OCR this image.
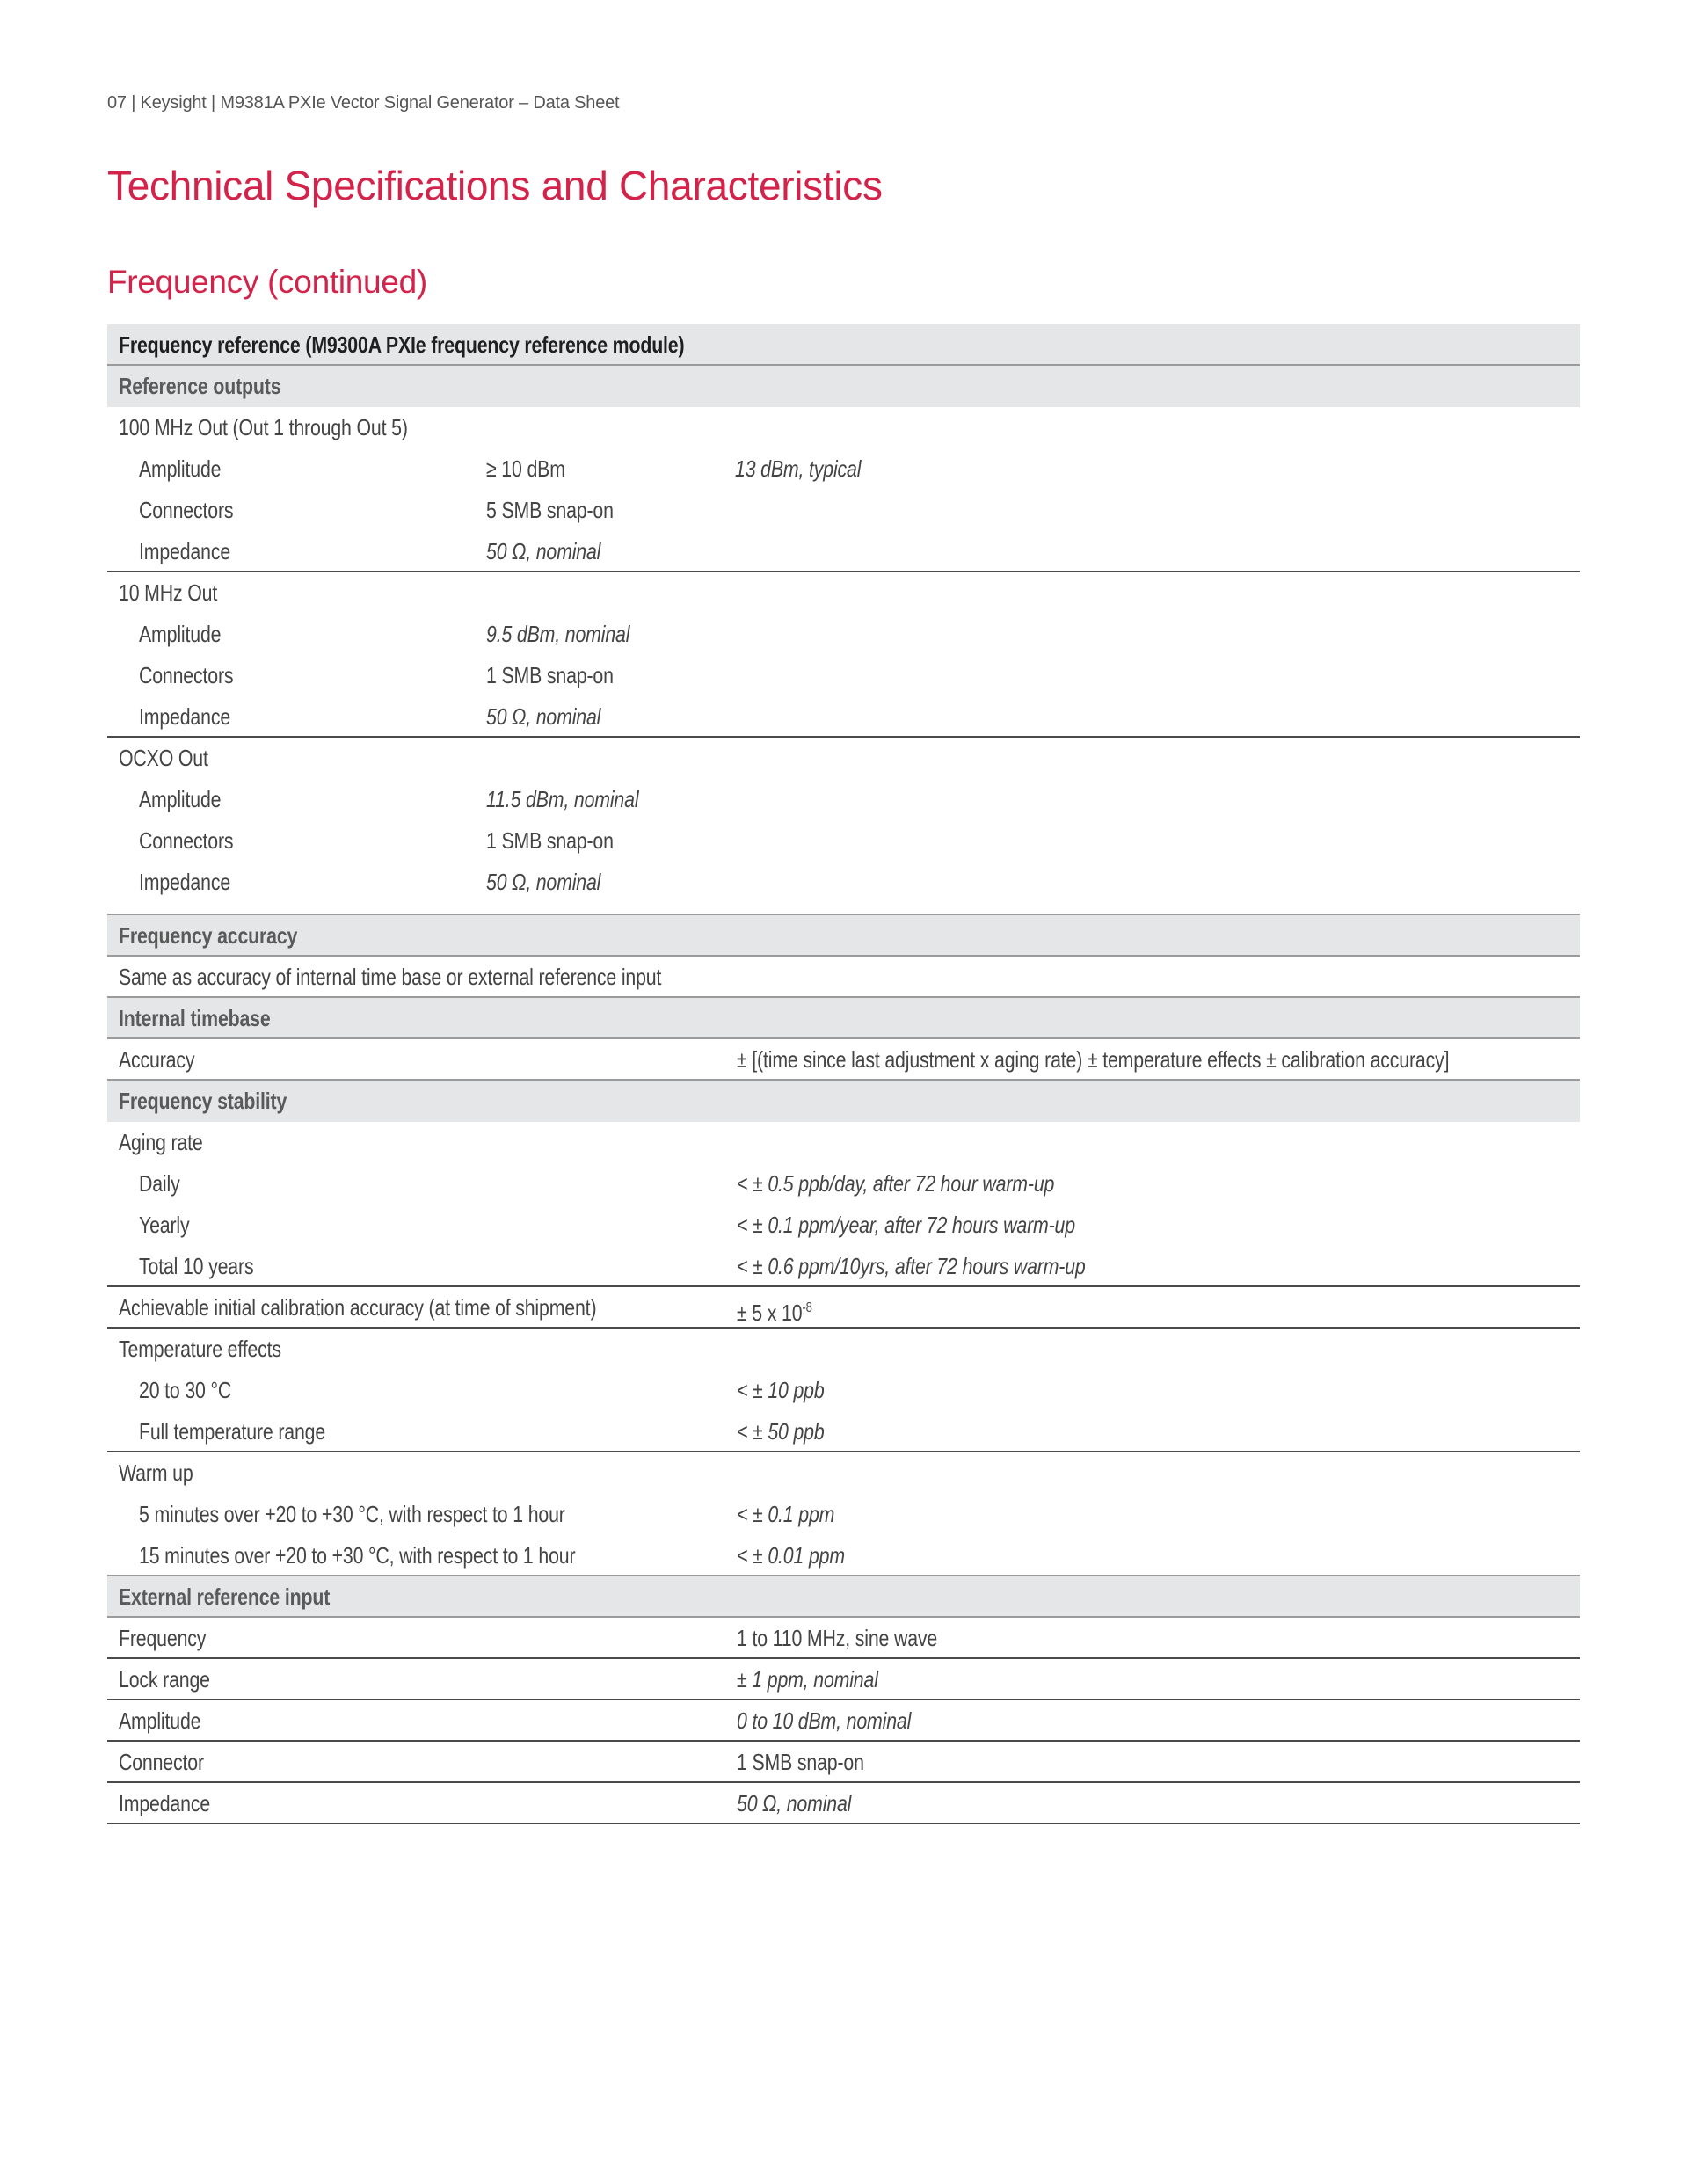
07 | Keysight | M9381A PXIe Vector Signal Generator – Data Sheet
Technical Specifications and Characteristics
Frequency (continued)
Frequency reference (M9300A PXIe frequency reference module)
Reference outputs
100 MHz Out (Out 1 through Out 5)
Amplitude	≥ 10 dBm	13 dBm, typical
Connectors	5 SMB snap-on
Impedance	50 Ω, nominal
10 MHz Out
Amplitude	9.5 dBm, nominal
Connectors	1 SMB snap-on
Impedance	50 Ω, nominal
OCXO Out
Amplitude	11.5 dBm, nominal
Connectors	1 SMB snap-on
Impedance	50 Ω, nominal
Frequency accuracy
Same as accuracy of internal time base or external reference input
Internal timebase
Accuracy	± [(time since last adjustment x aging rate) ± temperature effects ± calibration accuracy]
Frequency stability
Aging rate
Daily	< ± 0.5 ppb/day, after 72 hour warm-up
Yearly	< ± 0.1 ppm/year, after 72 hours warm-up
Total 10 years	< ± 0.6 ppm/10yrs, after 72 hours warm-up
Achievable initial calibration accuracy (at time of shipment)	± 5 x $10^{-8}$
Temperature effects
20 to 30 °C	< ± 10 ppb
Full temperature range	< ± 50 ppb
Warm up
5 minutes over +20 to +30 °C, with respect to 1 hour	< ± 0.1 ppm
15 minutes over +20 to +30 °C, with respect to 1 hour	< ± 0.01 ppm
External reference input
Frequency	1 to 110 MHz, sine wave
Lock range	± 1 ppm, nominal
Amplitude	0 to 10 dBm, nominal
Connector	1 SMB snap-on
Impedance	50 Ω, nominal
